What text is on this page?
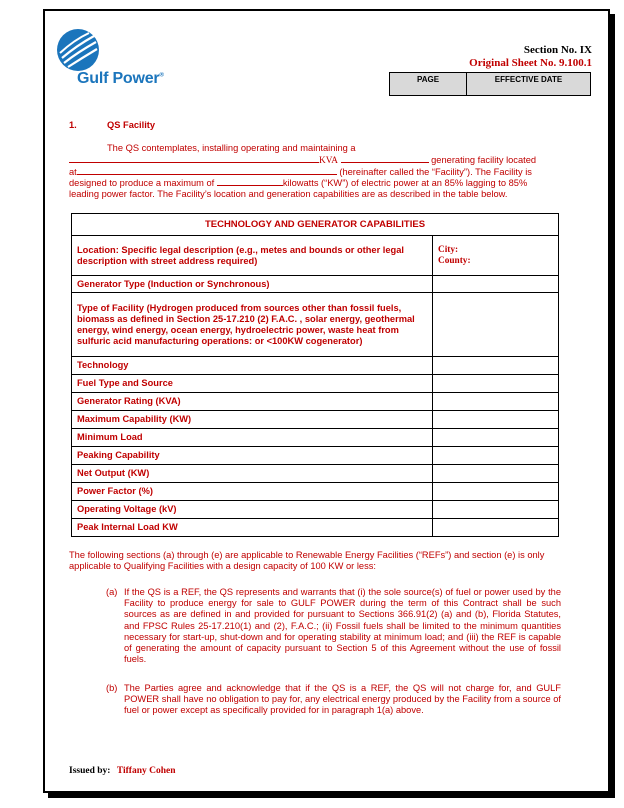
Gulf Power®
Section No. IX
Original Sheet No. 9.100.1
PAGE	EFFECTIVE DATE
1.	QS Facility
The QS contemplates, installing operating and maintaining a
KVA	generating facility located
at	(hereinafter called the “Facility”). The Facility is
designed to produce a maximum of	kilowatts (“KW”) of electric power at an 85% lagging to 85%
leading power factor. The Facility’s location and generation capabilities are as described in the table below.
TECHNOLOGY AND GENERATOR CAPABILITIES	
Location: Specific legal description (e.g., metes and bounds or other legal description with street address required)	City:
County:

Generator Type (Induction or Synchronous)	
Type of Facility (Hydrogen produced from sources other than fossil fuels, biomass as defined in Section 25-17.210 (2) F.A.C. , solar energy, geothermal energy, wind energy, ocean energy, hydroelectric power, waste heat from sulfuric acid manufacturing operations: or <100KW cogenerator)	
Technology	
Fuel Type and Source	
Generator Rating (KVA)	
Maximum Capability (KW)	
Minimum Load	
Peaking Capability	
Net Output (KW)	
Power Factor (%)	
Operating Voltage (kV)	
Peak Internal Load KW	
The following sections (a) through (e) are applicable to Renewable Energy Facilities (“REFs”) and section (e) is only applicable to Qualifying Facilities with a design capacity of 100 KW or less:
(a) If the QS is a REF, the QS represents and warrants that (i) the sole source(s) of fuel or power used by the Facility to produce energy for sale to GULF POWER during the term of this Contract shall be such sources as are defined in and provided for pursuant to Sections 366.91(2) (a) and (b), Florida Statutes, and FPSC Rules 25-17.210(1) and (2), F.A.C.; (ii) Fossil fuels shall be limited to the minimum quantities necessary for start-up, shut-down and for operating stability at minimum load; and (iii) the REF is capable of generating the amount of capacity pursuant to Section 5 of this Agreement without the use of fossil fuels.
(b) The Parties agree and acknowledge that if the QS is a REF, the QS will not charge for, and GULF POWER shall have no obligation to pay for, any electrical energy produced by the Facility from a source of fuel or power except as specifically provided for in paragraph 1(a) above.
Issued by: Tiffany Cohen
